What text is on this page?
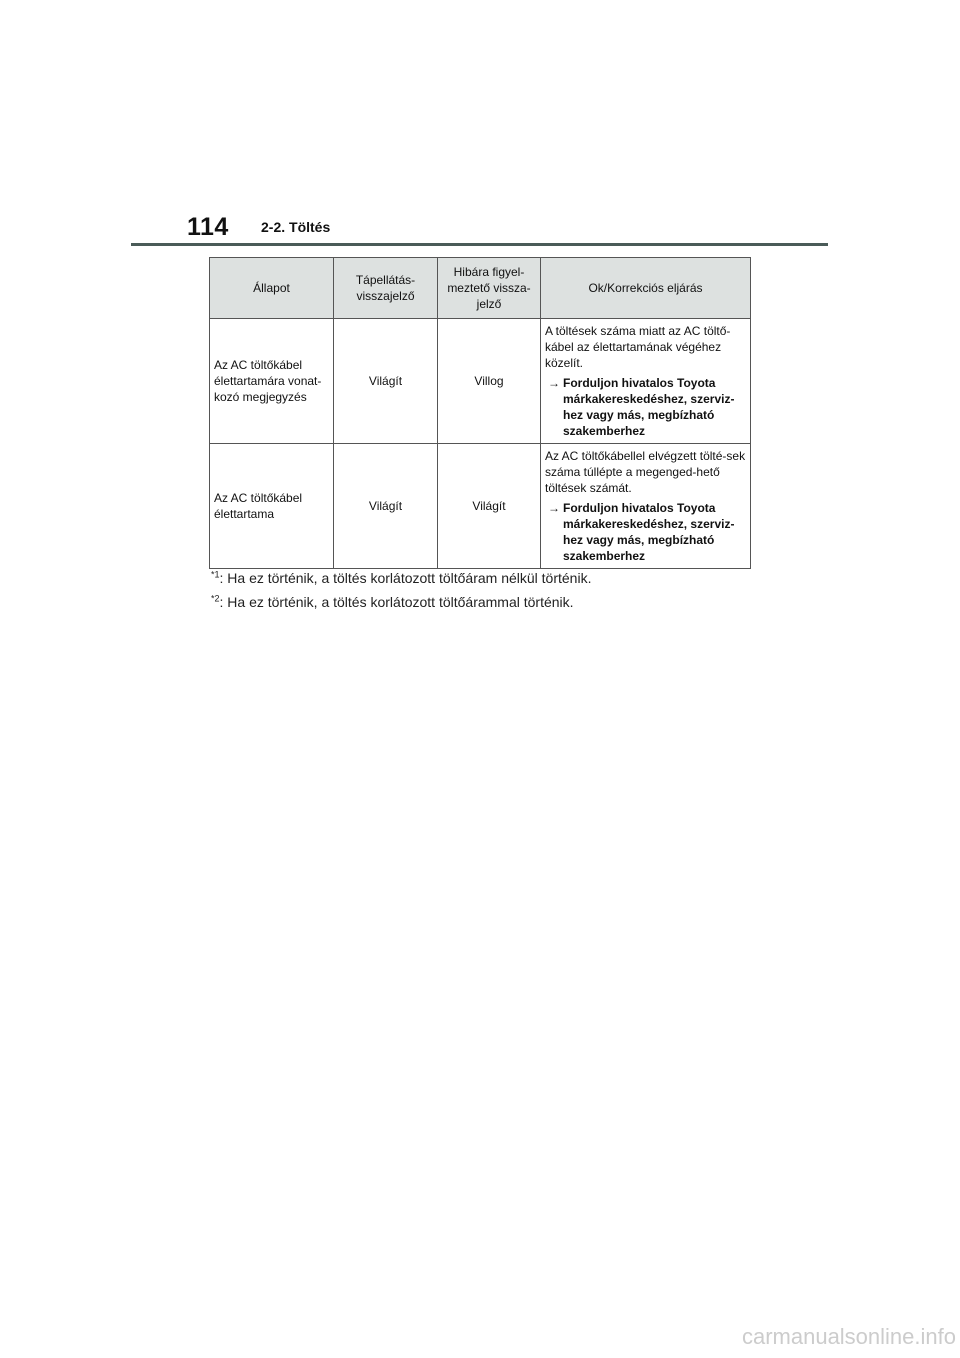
114 2-2. Töltés
Állapot	Tápellátás-visszajelző	Hibára figyel-meztető vissza-jelző	Ok/Korrekciós eljárás
Az AC töltőkábel élettartamára vonat-kozó megjegyzés	Világít	Villog	A töltések száma miatt az AC töltő-kábel az élettartamának végéhez közelít.

→ Forduljon hivatalos Toyota márkakereskedéshez, szerviz-hez vagy más, megbízható szakemberhez

Az AC töltőkábel élettartama	Világít	Világít	Az AC töltőkábellel elvégzett tölté-sek száma túllépte a megenged-hető töltések számát.

→ Forduljon hivatalos Toyota márkakereskedéshez, szerviz-hez vagy más, megbízható szakemberhez
$^{*1}$: Ha ez történik, a töltés korlátozott töltőáram nélkül történik.
$^{*2}$: Ha ez történik, a töltés korlátozott töltőárammal történik.
carmanualsonline.info
